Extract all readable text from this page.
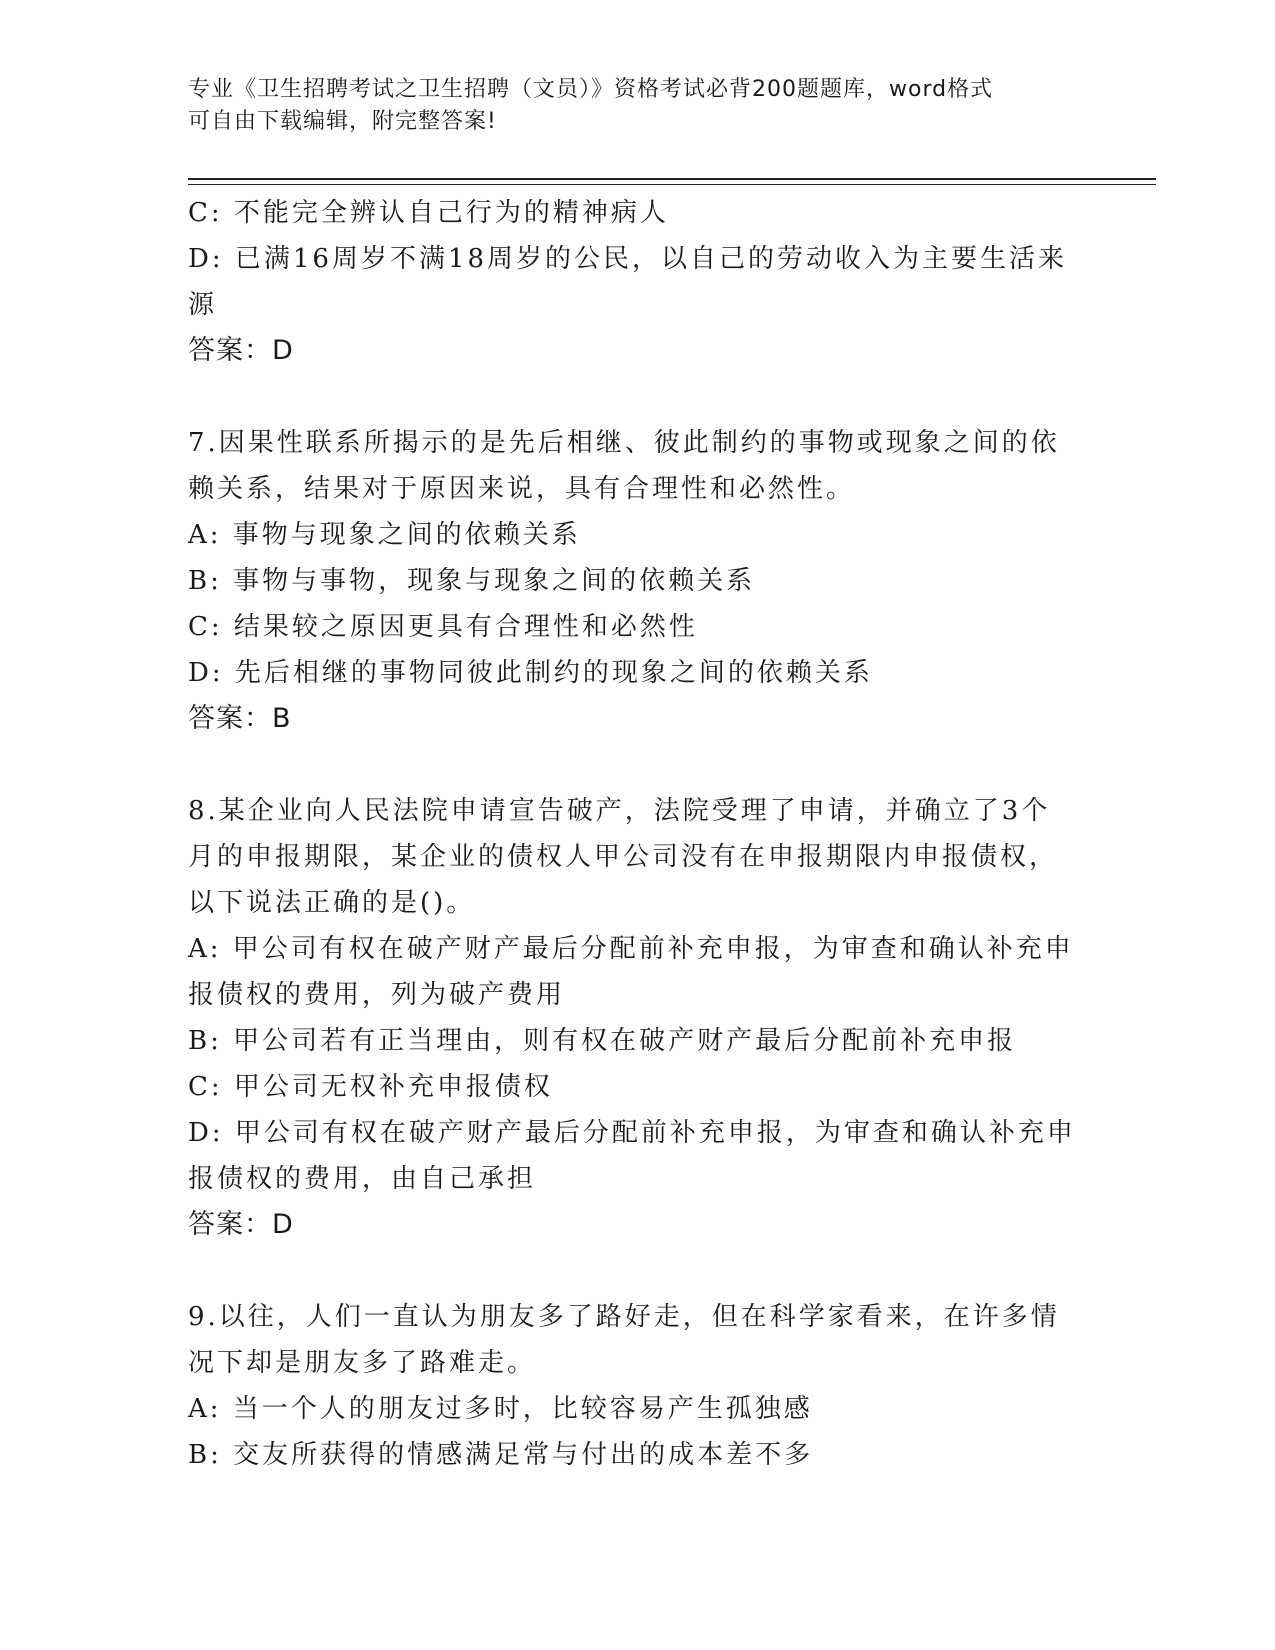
专业《卫生招聘考试之卫生招聘（文员）》资格考试必背200题题库，word格式
可自由下载编辑，附完整答案!
C: 不能完全辨认自己行为的精神病人
D: 已满16周岁不满18周岁的公民，以自己的劳动收入为主要生活来
源
答案：D
7.因果性联系所揭示的是先后相继、彼此制约的事物或现象之间的依
赖关系，结果对于原因来说，具有合理性和必然性。
A: 事物与现象之间的依赖关系
B: 事物与事物，现象与现象之间的依赖关系
C: 结果较之原因更具有合理性和必然性
D: 先后相继的事物同彼此制约的现象之间的依赖关系
答案：B
8.某企业向人民法院申请宣告破产，法院受理了申请，并确立了3个
月的申报期限，某企业的债权人甲公司没有在申报期限内申报债权，
以下说法正确的是()。
A: 甲公司有权在破产财产最后分配前补充申报，为审查和确认补充申
报债权的费用，列为破产费用
B: 甲公司若有正当理由，则有权在破产财产最后分配前补充申报
C: 甲公司无权补充申报债权
D: 甲公司有权在破产财产最后分配前补充申报，为审查和确认补充申
报债权的费用，由自己承担
答案：D
9.以往，人们一直认为朋友多了路好走，但在科学家看来，在许多情
况下却是朋友多了路难走。
A: 当一个人的朋友过多时，比较容易产生孤独感
B: 交友所获得的情感满足常与付出的成本差不多
